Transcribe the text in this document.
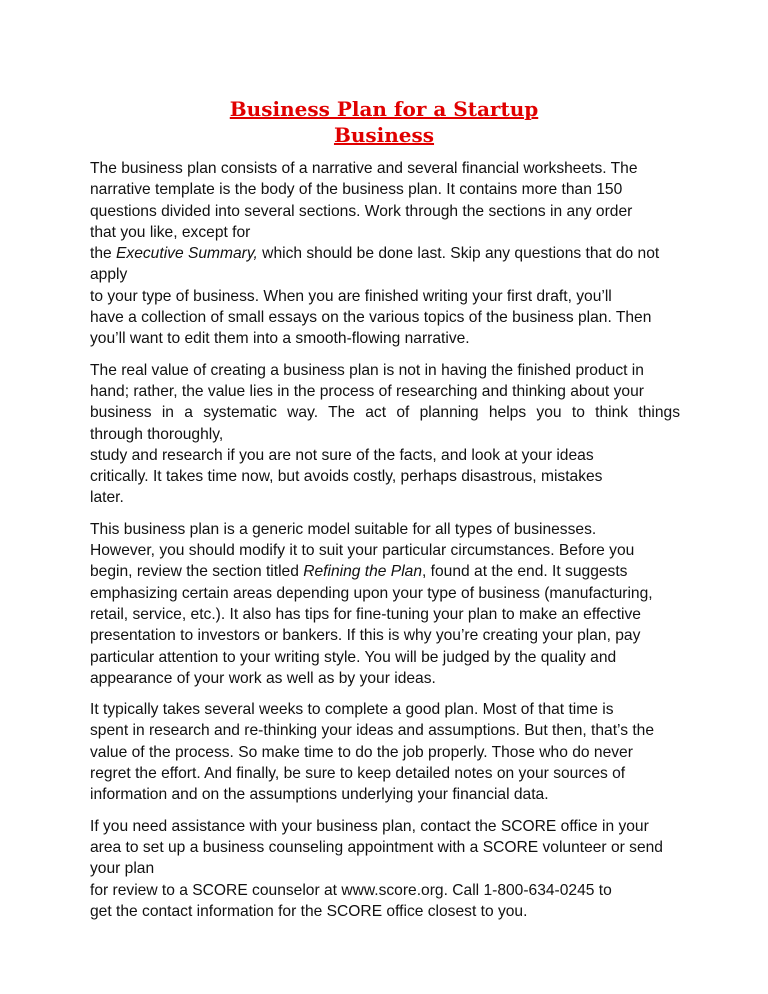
Business Plan for a Startup
Business
The business plan consists of a narrative and several financial worksheets. The
narrative template is the body of the business plan. It contains more than 150
questions divided into several sections. Work through the sections in any order
that you like, except for
the Executive Summary, which should be done last. Skip any questions that do not
apply
to your type of business. When you are finished writing your first draft, you’ll
have a collection of small essays on the various topics of the business plan. Then
you’ll want to edit them into a smooth-flowing narrative.
The real value of creating a business plan is not in having the finished product in
hand; rather, the value lies in the process of researching and thinking about your
business in a systematic way. The act of planning helps you to think things
through thoroughly,
study and research if you are not sure of the facts, and look at your ideas
critically. It takes time now, but avoids costly, perhaps disastrous, mistakes
later.
This business plan is a generic model suitable for all types of businesses.
However, you should modify it to suit your particular circumstances. Before you
begin, review the section titled Refining the Plan, found at the end. It suggests
emphasizing certain areas depending upon your type of business (manufacturing,
retail, service, etc.). It also has tips for fine-tuning your plan to make an effective
presentation to investors or bankers. If this is why you’re creating your plan, pay
particular attention to your writing style. You will be judged by the quality and
appearance of your work as well as by your ideas.
It typically takes several weeks to complete a good plan. Most of that time is
spent in research and re-thinking your ideas and assumptions. But then, that’s the
value of the process. So make time to do the job properly. Those who do never
regret the effort. And finally, be sure to keep detailed notes on your sources of
information and on the assumptions underlying your financial data.
If you need assistance with your business plan, contact the SCORE office in your
area to set up a business counseling appointment with a SCORE volunteer or send
your plan
for review to a SCORE counselor at www.score.org. Call 1-800-634-0245 to
get the contact information for the SCORE office closest to you.
